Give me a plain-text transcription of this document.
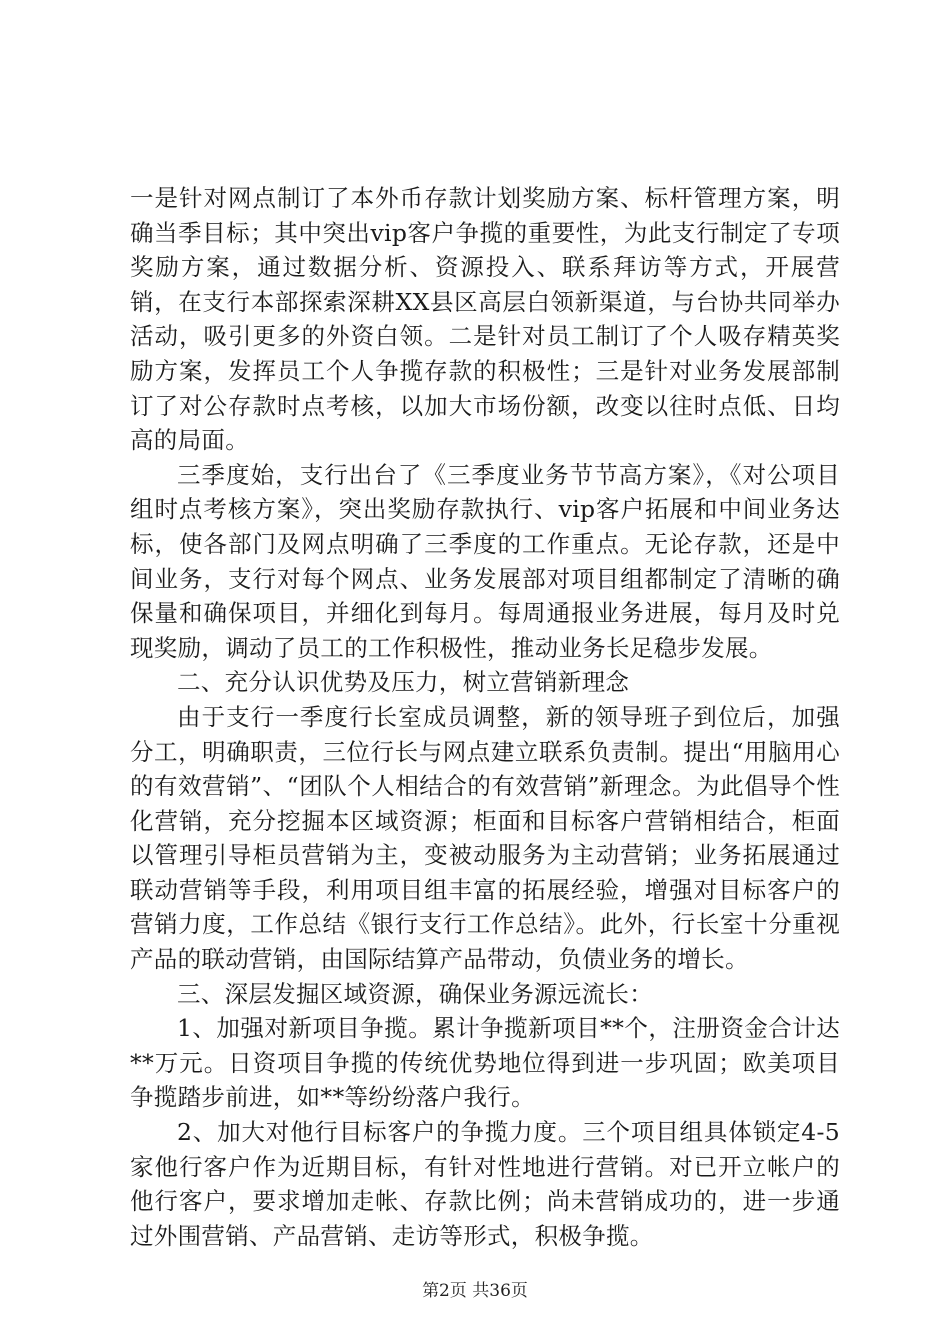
一是针对网点制订了本外币存款计划奖励方案、标杆管理方案，明确当季目标；其中突出vip客户争揽的重要性，为此支行制定了专项奖励方案，通过数据分析、资源投入、联系拜访等方式，开展营销，在支行本部探索深耕XX县区高层白领新渠道，与台协共同举办活动，吸引更多的外资白领。二是针对员工制订了个人吸存精英奖励方案，发挥员工个人争揽存款的积极性；三是针对业务发展部制订了对公存款时点考核，以加大市场份额，改变以往时点低、日均高的局面。

三季度始，支行出台了《三季度业务节节高方案》，《对公项目组时点考核方案》，突出奖励存款执行、vip客户拓展和中间业务达标，使各部门及网点明确了三季度的工作重点。无论存款，还是中间业务，支行对每个网点、业务发展部对项目组都制定了清晰的确保量和确保项目，并细化到每月。每周通报业务进展，每月及时兑现奖励，调动了员工的工作积极性，推动业务长足稳步发展。

二、充分认识优势及压力，树立营销新理念

由于支行一季度行长室成员调整，新的领导班子到位后，加强分工，明确职责，三位行长与网点建立联系负责制。提出“用脑用心的有效营销”、“团队个人相结合的有效营销”新理念。为此倡导个性化营销，充分挖掘本区域资源；柜面和目标客户营销相结合，柜面以管理引导柜员营销为主，变被动服务为主动营销；业务拓展通过联动营销等手段，利用项目组丰富的拓展经验，增强对目标客户的营销力度，工作总结《银行支行工作总结》。此外，行长室十分重视产品的联动营销，由国际结算产品带动，负债业务的增长。

三、深层发掘区域资源，确保业务源远流长：

1、加强对新项目争揽。累计争揽新项目**个，注册资金合计达**万元。日资项目争揽的传统优势地位得到进一步巩固；欧美项目争揽踏步前进，如**等纷纷落户我行。

2、加大对他行目标客户的争揽力度。三个项目组具体锁定4-5家他行客户作为近期目标，有针对性地进行营销。对已开立帐户的他行客户，要求增加走帐、存款比例；尚未营销成功的，进一步通过外围营销、产品营销、走访等形式，积极争揽。

第2页 共36页
